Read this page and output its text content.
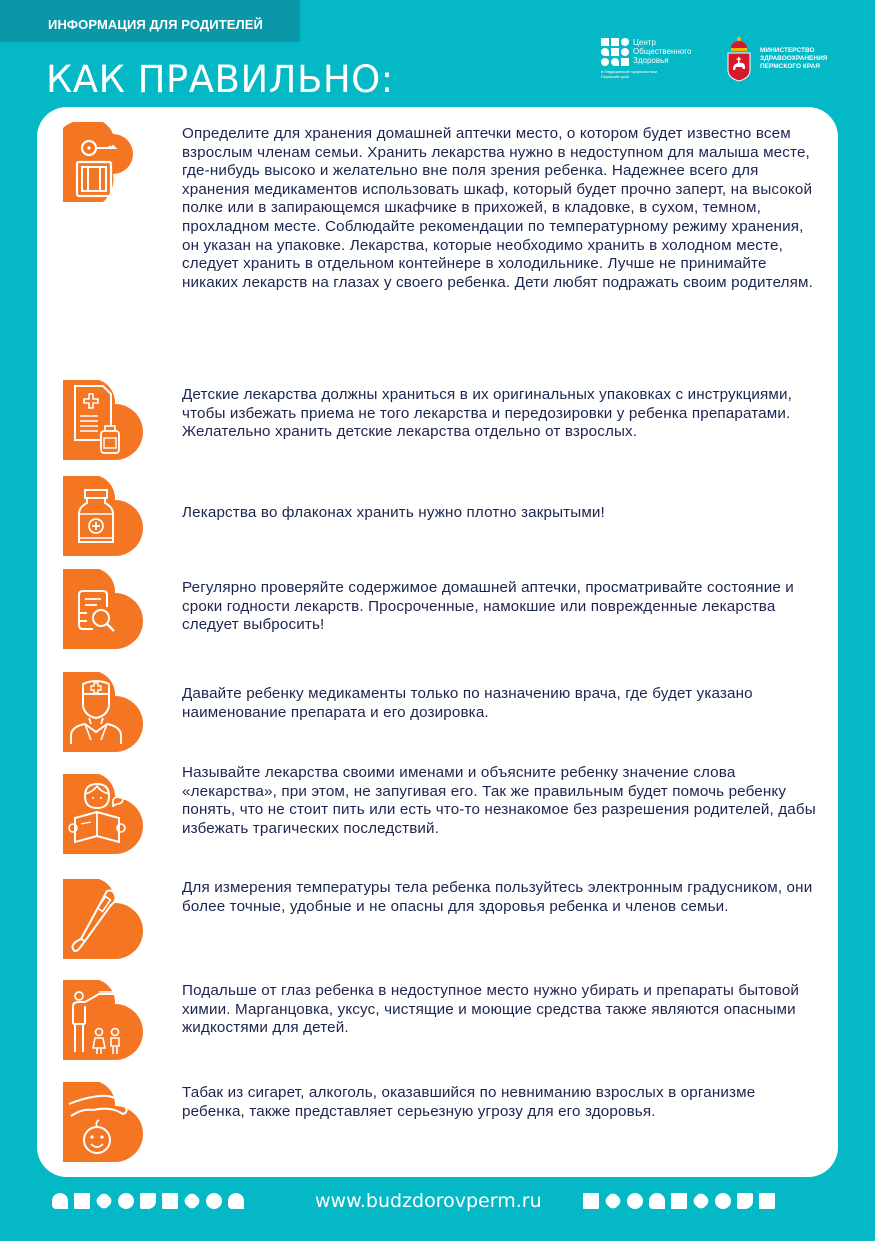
ИНФОРМАЦИЯ ДЛЯ РОДИТЕЛЕЙ
КАК ПРАВИЛЬНО:
Центр
Общественного
Здоровья
и Медицинской профилактики Пермский край
МИНИСТЕРСТВО
ЗДРАВООХРАНЕНИЯ
ПЕРМСКОГО КРАЯ
Определите для хранения домашней аптечки место, о котором будет известно всем взрослым членам семьи. Хранить лекарства нужно в недоступном для малыша месте, где-нибудь высоко и желательно вне поля зрения ребенка. Надежнее всего для хранения медикаментов использовать шкаф, который будет прочно заперт, на высокой полке или в запирающемся шкафчике в прихожей, в кладовке, в сухом, темном, прохладном месте. Соблюдайте рекомендации по температурному режиму хранения, он указан на упаковке. Лекарства, которые необходимо хранить в холодном месте, следует хранить в отдельном контейнере в холодильнике. Лучше не принимайте никаких лекарств на глазах у своего ребенка. Дети любят подражать своим родителям.
Детские лекарства должны храниться в их оригинальных упаковках с инструкциями, чтобы избежать приема не того лекарства и передозировки у ребенка препаратами. Желательно хранить детские лекарства отдельно от взрослых.
Лекарства во флаконах хранить нужно плотно закрытыми!
Регулярно проверяйте содержимое домашней аптечки, просматривайте состояние и сроки годности лекарств. Просроченные, намокшие или поврежденные лекарства следует выбросить!
Давайте ребенку медикаменты только по назначению врача, где будет указано наименование препарата и его дозировка.
Называйте лекарства своими именами и объясните ребенку значение слова «лекарства», при этом, не запугивая его. Так же правильным будет помочь ребенку понять, что не стоит пить или есть что-то незнакомое без разрешения родителей, дабы избежать трагических последствий.
Для измерения температуры тела ребенка пользуйтесь электронным градусником, они более точные, удобные и не опасны для здоровья ребенка и членов семьи.
Подальше от глаз ребенка в недоступное место нужно убирать и препараты бытовой химии. Марганцовка, уксус, чистящие и моющие средства также являются опасными жидкостями для детей.
Табак из сигарет, алкоголь, оказавшийся по невниманию взрослых в организме ребенка, также представляет серьезную угрозу для его здоровья.
www.budzdorovperm.ru
